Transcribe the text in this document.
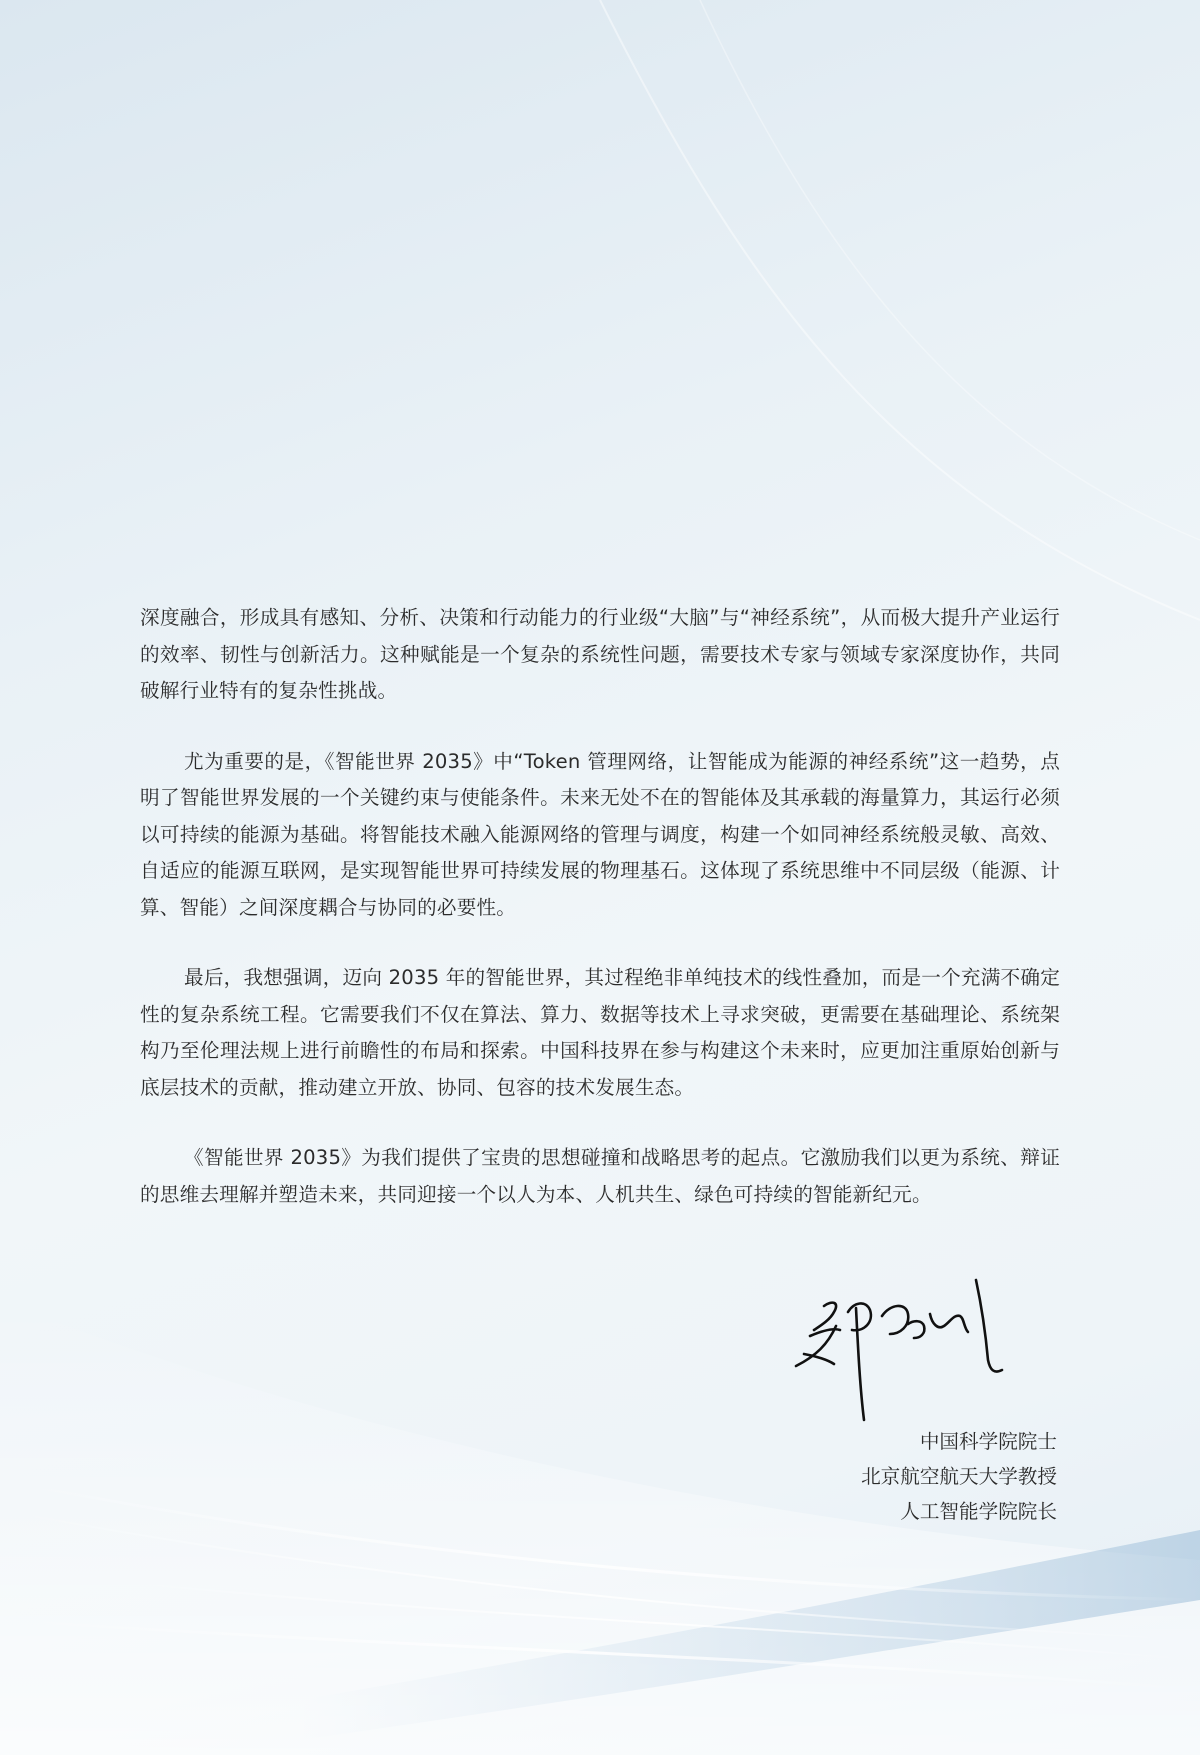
深度融合，形成具有感知、分析、决策和行动能力的行业级“大脑”与“神经系统”，从而极大提升产业运行的效率、韧性与创新活力。这种赋能是一个复杂的系统性问题，需要技术专家与领域专家深度协作，共同破解行业特有的复杂性挑战。

尤为重要的是，《智能世界 2035》中“Token 管理网络，让智能成为能源的神经系统”这一趋势，点明了智能世界发展的一个关键约束与使能条件。未来无处不在的智能体及其承载的海量算力，其运行必须以可持续的能源为基础。将智能技术融入能源网络的管理与调度，构建一个如同神经系统般灵敏、高效、自适应的能源互联网，是实现智能世界可持续发展的物理基石。这体现了系统思维中不同层级（能源、计算、智能）之间深度耦合与协同的必要性。

最后，我想强调，迈向 2035 年的智能世界，其过程绝非单纯技术的线性叠加，而是一个充满不确定性的复杂系统工程。它需要我们不仅在算法、算力、数据等技术上寻求突破，更需要在基础理论、系统架构乃至伦理法规上进行前瞻性的布局和探索。中国科技界在参与构建这个未来时，应更加注重原始创新与底层技术的贡献，推动建立开放、协同、包容的技术发展生态。

《智能世界 2035》为我们提供了宝贵的思想碰撞和战略思考的起点。它激励我们以更为系统、辩证的思维去理解并塑造未来，共同迎接一个以人为本、人机共生、绿色可持续的智能新纪元。

中国科学院院士
北京航空航天大学教授
人工智能学院院长
